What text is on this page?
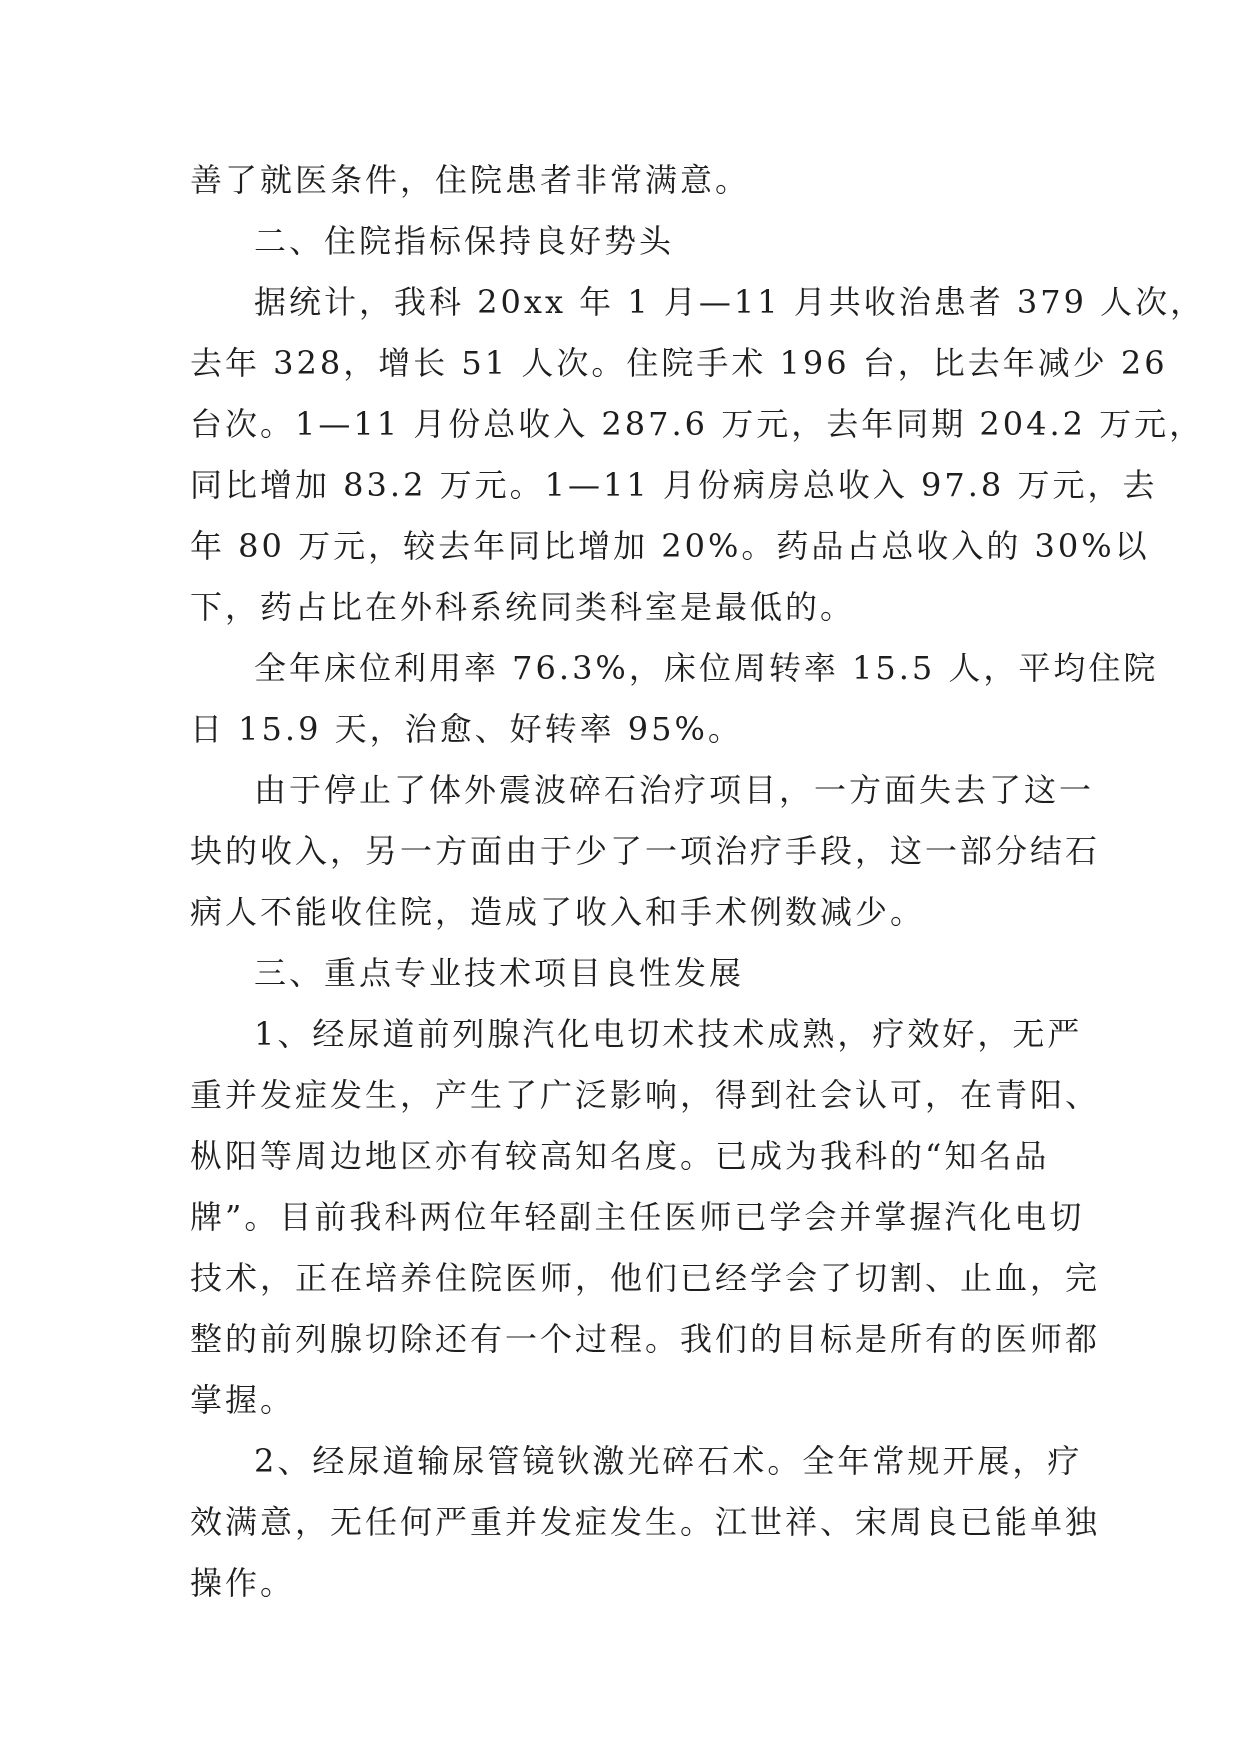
善了就医条件，住院患者非常满意。
二、住院指标保持良好势头
据统计，我科 20xx 年 1 月—11 月共收治患者 379 人次，
去年 328，增长 51 人次。住院手术 196 台，比去年减少 26
台次。1—11 月份总收入 287.6 万元，去年同期 204.2 万元，
同比增加 83.2 万元。1—11 月份病房总收入 97.8 万元，去
年 80 万元，较去年同比增加 20%。药品占总收入的 30%以
下，药占比在外科系统同类科室是最低的。
全年床位利用率 76.3%，床位周转率 15.5 人，平均住院
日 15.9 天，治愈、好转率 95%。
由于停止了体外震波碎石治疗项目，一方面失去了这一
块的收入，另一方面由于少了一项治疗手段，这一部分结石
病人不能收住院，造成了收入和手术例数减少。
三、重点专业技术项目良性发展
1、经尿道前列腺汽化电切术技术成熟，疗效好，无严
重并发症发生，产生了广泛影响，得到社会认可，在青阳、
枞阳等周边地区亦有较高知名度。已成为我科的“知名品
牌”。目前我科两位年轻副主任医师已学会并掌握汽化电切
技术，正在培养住院医师，他们已经学会了切割、止血，完
整的前列腺切除还有一个过程。我们的目标是所有的医师都
掌握。
2、经尿道输尿管镜钬激光碎石术。全年常规开展，疗
效满意，无任何严重并发症发生。江世祥、宋周良已能单独
操作。
